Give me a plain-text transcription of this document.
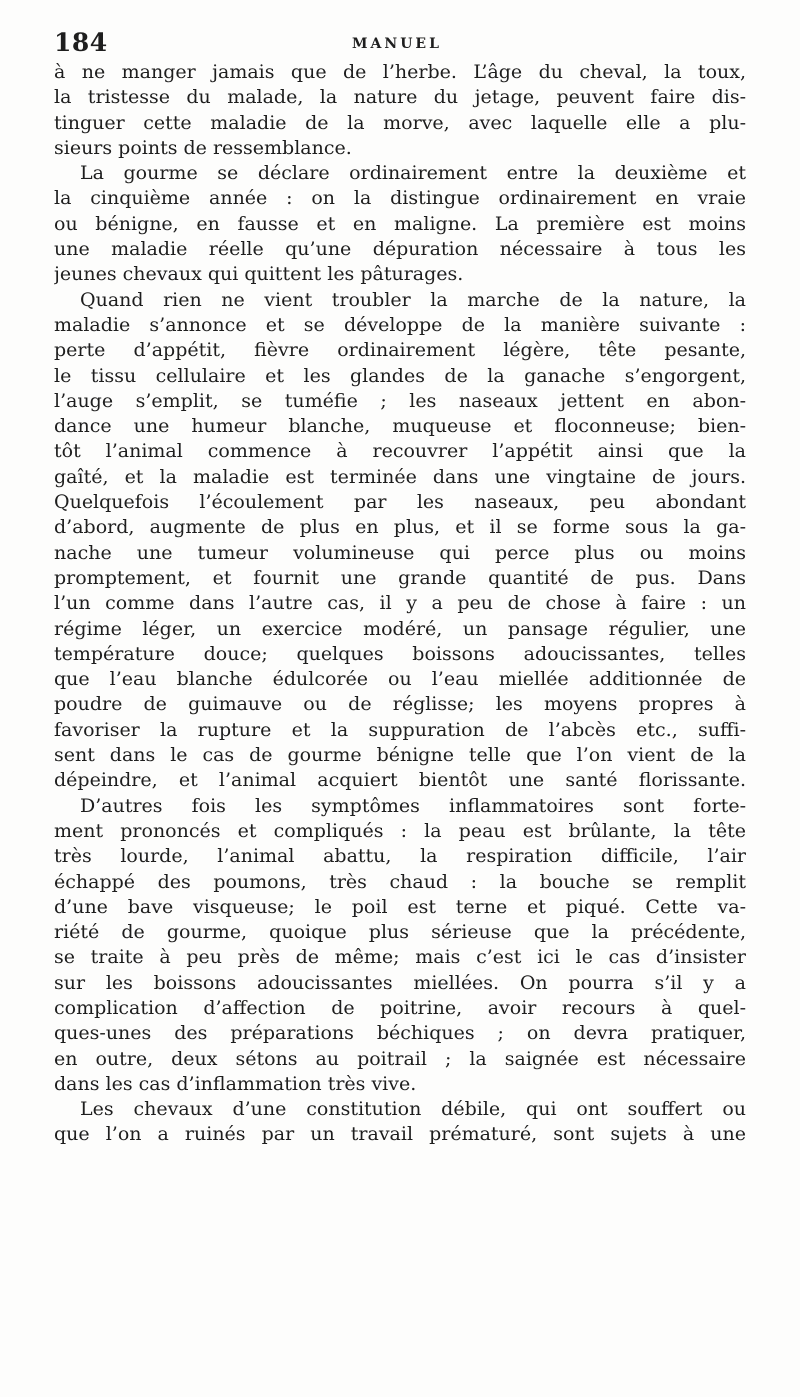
184	MANUEL
à ne manger jamais que de l’herbe. L’âge du cheval, la toux,
la tristesse du malade, la nature du jetage, peuvent faire dis-
tinguer cette maladie de la morve, avec laquelle elle a plu-
sieurs points de ressemblance.
La gourme se déclare ordinairement entre la deuxième et
la cinquième année : on la distingue ordinairement en vraie
ou bénigne, en fausse et en maligne. La première est moins
une maladie réelle qu’une dépuration nécessaire à tous les
jeunes chevaux qui quittent les pâturages.
Quand rien ne vient troubler la marche de la nature, la
maladie s’annonce et se développe de la manière suivante :
perte d’appétit, fièvre ordinairement légère, tête pesante,
le tissu cellulaire et les glandes de la ganache s’engorgent,
l’auge s’emplit, se tuméfie ; les naseaux jettent en abon-
dance une humeur blanche, muqueuse et floconneuse; bien-
tôt l’animal commence à recouvrer l’appétit ainsi que la
gaîté, et la maladie est terminée dans une vingtaine de jours.
Quelquefois l’écoulement par les naseaux, peu abondant
d’abord, augmente de plus en plus, et il se forme sous la ga-
nache une tumeur volumineuse qui perce plus ou moins
promptement, et fournit une grande quantité de pus. Dans
l’un comme dans l’autre cas, il y a peu de chose à faire : un
régime léger, un exercice modéré, un pansage régulier, une
température douce; quelques boissons adoucissantes, telles
que l’eau blanche édulcorée ou l’eau miellée additionnée de
poudre de guimauve ou de réglisse; les moyens propres à
favoriser la rupture et la suppuration de l’abcès etc., suffi-
sent dans le cas de gourme bénigne telle que l’on vient de la
dépeindre, et l’animal acquiert bientôt une santé florissante.
D’autres fois les symptômes inflammatoires sont forte-
ment prononcés et compliqués : la peau est brûlante, la tête
très lourde, l’animal abattu, la respiration difficile, l’air
échappé des poumons, très chaud : la bouche se remplit
d’une bave visqueuse; le poil est terne et piqué. Cette va-
riété de gourme, quoique plus sérieuse que la précédente,
se traite à peu près de même; mais c’est ici le cas d’insister
sur les boissons adoucissantes miellées. On pourra s’il y a
complication d’affection de poitrine, avoir recours à quel-
ques-unes des préparations béchiques ; on devra pratiquer,
en outre, deux sétons au poitrail ; la saignée est nécessaire
dans les cas d’inflammation très vive.
Les chevaux d’une constitution débile, qui ont souffert ou
que l’on a ruinés par un travail prématuré, sont sujets à une
